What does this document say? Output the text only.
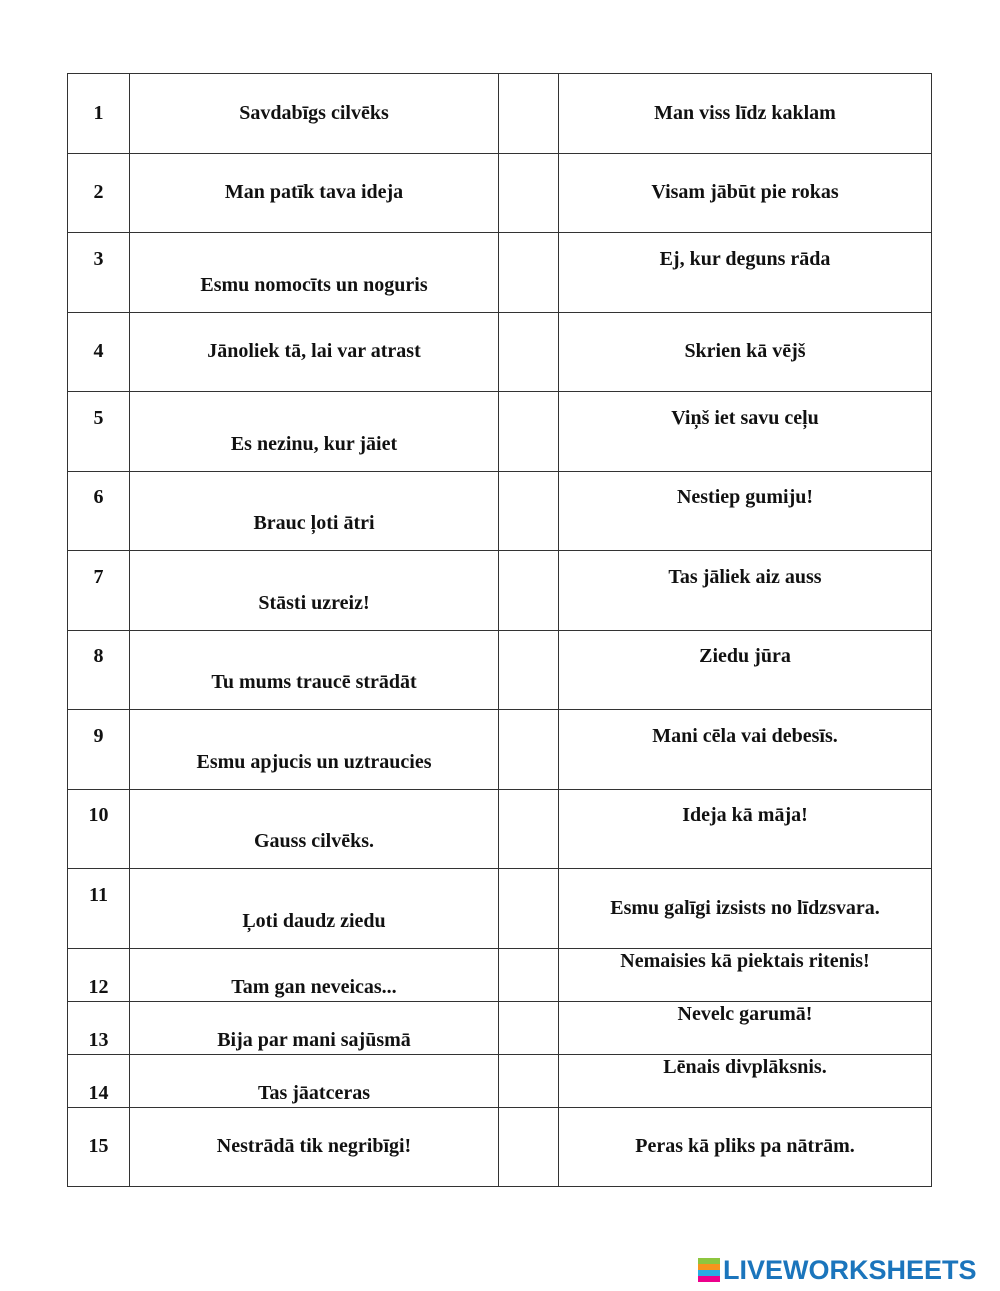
1	Savdabīgs cilvēks		Man viss līdz kaklam
2	Man patīk tava ideja		Visam jābūt pie rokas

3	Esmu nomocīts un noguris		Ej, kur deguns rāda

4	Jānoliek tā, lai var atrast		Skrien kā vējš

5	Es nezinu, kur jāiet		Viņš iet savu ceļu

6	Brauc ļoti ātri		Nestiep gumiju!

7	Stāsti uzreiz!		Tas jāliek aiz auss

8	Tu mums traucē strādāt		Ziedu jūra

9	Esmu apjucis un uztraucies		Mani cēla vai debesīs.

10	Gauss cilvēks.		Ideja kā māja!

11	Ļoti daudz ziedu		Esmu galīgi izsists no līdzsvara.

12	Tam gan neveicas...		Nemaisies kā piektais ritenis!

13	Bija par mani sajūsmā		Nevelc garumā!

14	Tas jāatceras		Lēnais divplāksnis.

15	Nestrādā tik negribīgi!		Peras kā pliks pa nātrām.
LIVEWORKSHEETS
